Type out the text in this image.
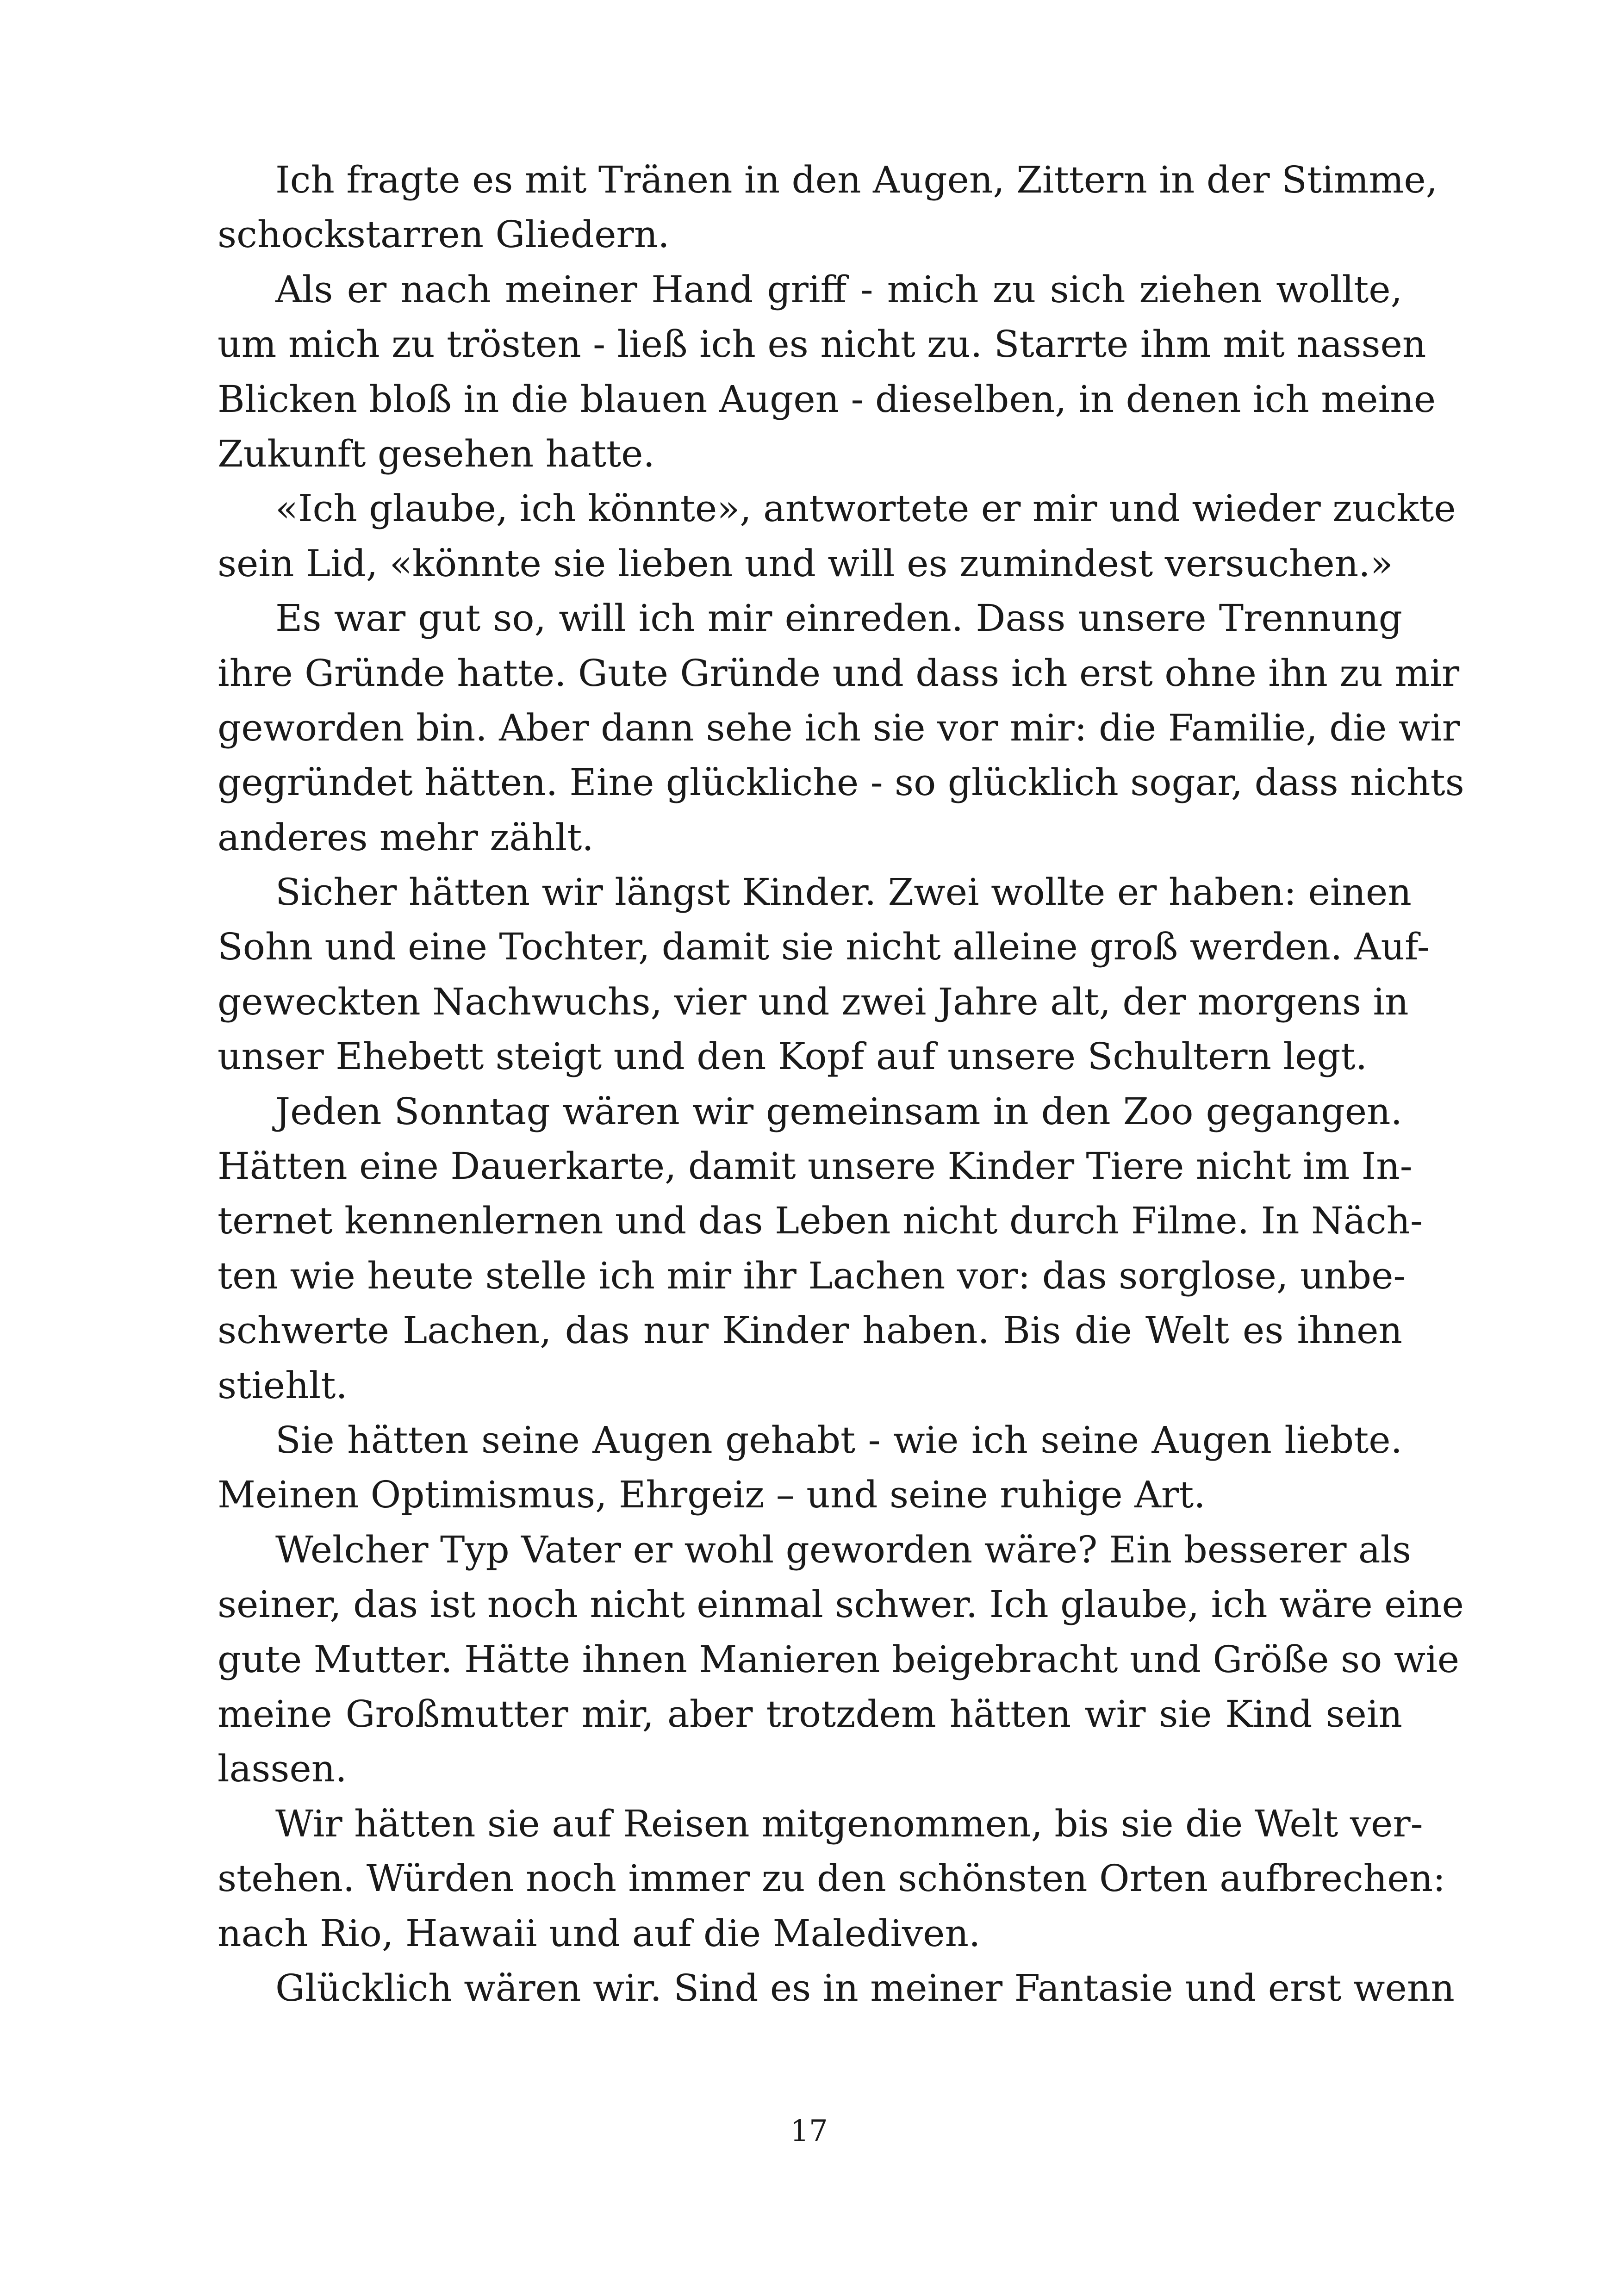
Ich fragte es mit Tränen in den Augen, Zittern in der Stimme,
schockstarren Gliedern.
Als er nach meiner Hand griff - mich zu sich ziehen wollte,
um mich zu trösten - ließ ich es nicht zu. Starrte ihm mit nassen
Blicken bloß in die blauen Augen - dieselben, in denen ich meine
Zukunft gesehen hatte.
«Ich glaube, ich könnte», antwortete er mir und wieder zuckte
sein Lid, «könnte sie lieben und will es zumindest versuchen.»
Es war gut so, will ich mir einreden. Dass unsere Trennung
ihre Gründe hatte. Gute Gründe und dass ich erst ohne ihn zu mir
geworden bin. Aber dann sehe ich sie vor mir: die Familie, die wir
gegründet hätten. Eine glückliche - so glücklich sogar, dass nichts
anderes mehr zählt.
Sicher hätten wir längst Kinder. Zwei wollte er haben: einen
Sohn und eine Tochter, damit sie nicht alleine groß werden. Auf-
geweckten Nachwuchs, vier und zwei Jahre alt, der morgens in
unser Ehebett steigt und den Kopf auf unsere Schultern legt.
Jeden Sonntag wären wir gemeinsam in den Zoo gegangen.
Hätten eine Dauerkarte, damit unsere Kinder Tiere nicht im In-
ternet kennenlernen und das Leben nicht durch Filme. In Näch-
ten wie heute stelle ich mir ihr Lachen vor: das sorglose, unbe-
schwerte Lachen, das nur Kinder haben. Bis die Welt es ihnen
stiehlt.
Sie hätten seine Augen gehabt - wie ich seine Augen liebte.
Meinen Optimismus, Ehrgeiz – und seine ruhige Art.
Welcher Typ Vater er wohl geworden wäre? Ein besserer als
seiner, das ist noch nicht einmal schwer. Ich glaube, ich wäre eine
gute Mutter. Hätte ihnen Manieren beigebracht und Größe so wie
meine Großmutter mir, aber trotzdem hätten wir sie Kind sein
lassen.
Wir hätten sie auf Reisen mitgenommen, bis sie die Welt ver-
stehen. Würden noch immer zu den schönsten Orten aufbrechen:
nach Rio, Hawaii und auf die Malediven.
Glücklich wären wir. Sind es in meiner Fantasie und erst wenn
17
